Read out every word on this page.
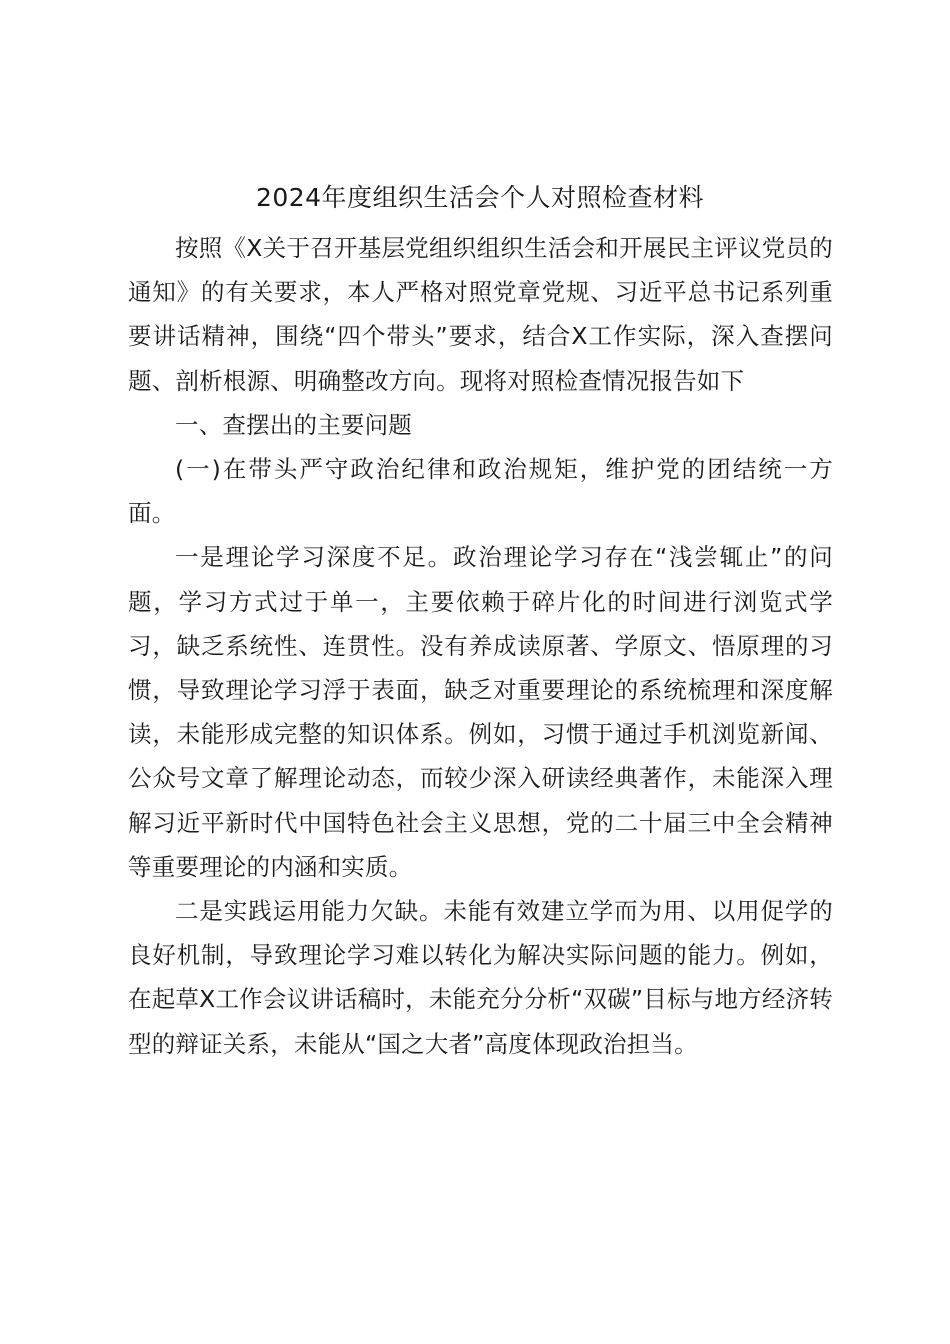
2024年度组织生活会个人对照检查材料

按照《X关于召开基层党组织组织生活会和开展民主评议党员的通知》的有关要求，本人严格对照党章党规、习近平总书记系列重要讲话精神，围绕“四个带头”要求，结合X工作实际，深入查摆问题、剖析根源、明确整改方向。现将对照检查情况报告如下

一、查摆出的主要问题

(一)在带头严守政治纪律和政治规矩，维护党的团结统一方面。

一是理论学习深度不足。政治理论学习存在“浅尝辄止”的问题，学习方式过于单一，主要依赖于碎片化的时间进行浏览式学习，缺乏系统性、连贯性。没有养成读原著、学原文、悟原理的习惯，导致理论学习浮于表面，缺乏对重要理论的系统梳理和深度解读，未能形成完整的知识体系。例如，习惯于通过手机浏览新闻、公众号文章了解理论动态，而较少深入研读经典著作，未能深入理解习近平新时代中国特色社会主义思想，党的二十届三中全会精神等重要理论的内涵和实质。

二是实践运用能力欠缺。未能有效建立学而为用、以用促学的良好机制，导致理论学习难以转化为解决实际问题的能力。例如，在起草X工作会议讲话稿时，未能充分分析“双碳”目标与地方经济转型的辩证关系，未能从“国之大者”高度体现政治担当。
